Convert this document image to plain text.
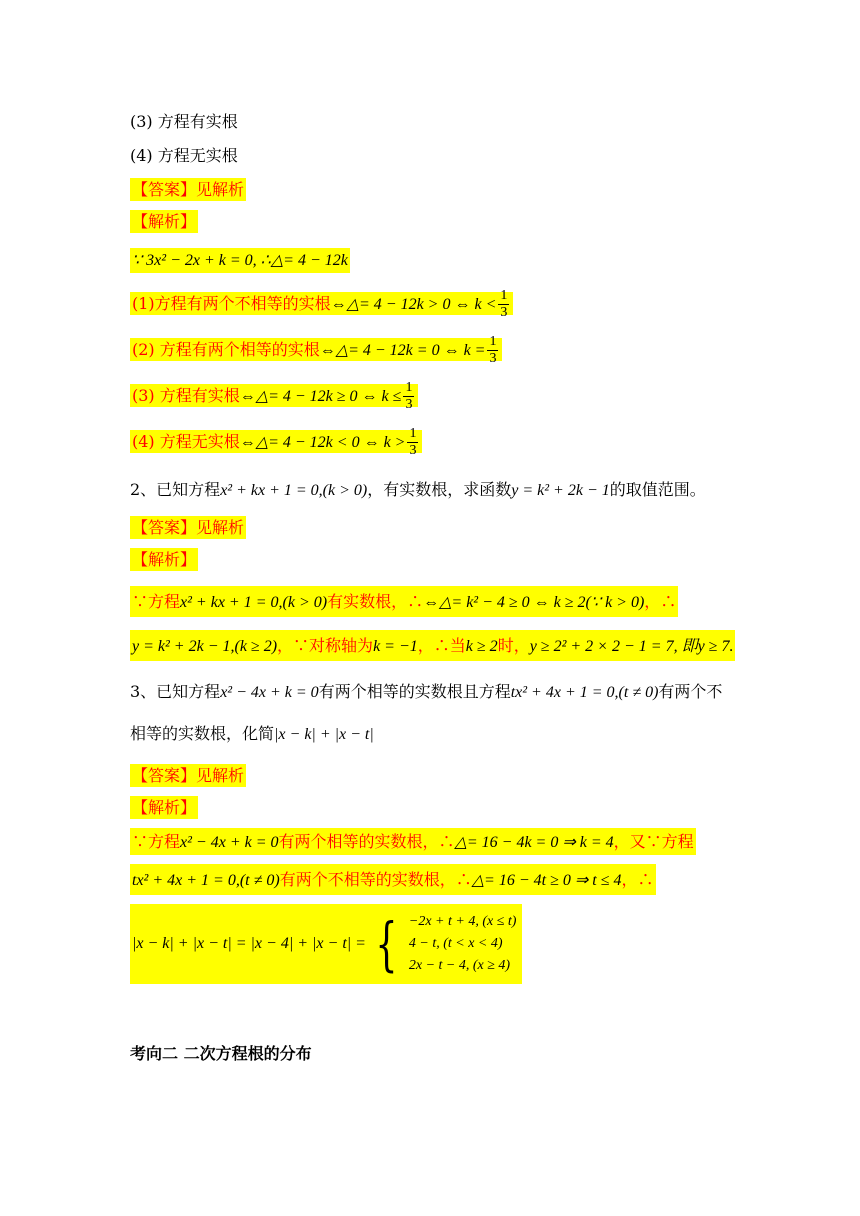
(3) 方程有实根
(4) 方程无实根
【答案】见解析
【解析】
∵ 3x² − 2x + k = 0, ∴△= 4 − 12k
(1)方程有两个不相等的实根⇔△= 4 − 12k > 0 ⇔ $k < \frac{1}{3}$
(2) 方程有两个相等的实根⇔△= 4 − 12k = 0 ⇔ $k = \frac{1}{3}$
(3) 方程有实根⇔△= 4 − 12k ≥ 0 ⇔ $k \le \frac{1}{3}$
(4) 方程无实根⇔△= 4 − 12k < 0 ⇔ $k > \frac{1}{3}$
2、已知方程x² + kx + 1 = 0,(k > 0)，有实数根，求函数y = k² + 2k − 1的取值范围。
【答案】见解析
【解析】
∵方程x² + kx + 1 = 0,(k > 0)有实数根，∴⇔△= k² − 4 ≥ 0 ⇔ k ≥ 2(∵ k > 0)，∴
y = k² + 2k − 1,(k ≥ 2)，∵对称轴为k = −1，∴当k ≥ 2时，y ≥ 2² + 2 × 2 − 1 = 7, 即y ≥ 7.
3、已知方程x² − 4x + k = 0有两个相等的实数根且方程tx² + 4x + 1 = 0,(t ≠ 0)有两个不
相等的实数根，化简|x − k| + |x − t|
【答案】见解析
【解析】
∵方程x² − 4x + k = 0有两个相等的实数根，∴△= 16 − 4k = 0 ⇒ k = 4，又∵方程
tx² + 4x + 1 = 0,(t ≠ 0)有两个不相等的实数根，∴△= 16 − 4t ≥ 0 ⇒ t ≤ 4，∴
|x − k| + |x − t| = |x − 4| + |x − t| = { −2x + t + 4, (x ≤ t)
4 − t, (t < x < 4)
2x − t − 4, (x ≥ 4)
考向二 二次方程根的分布
